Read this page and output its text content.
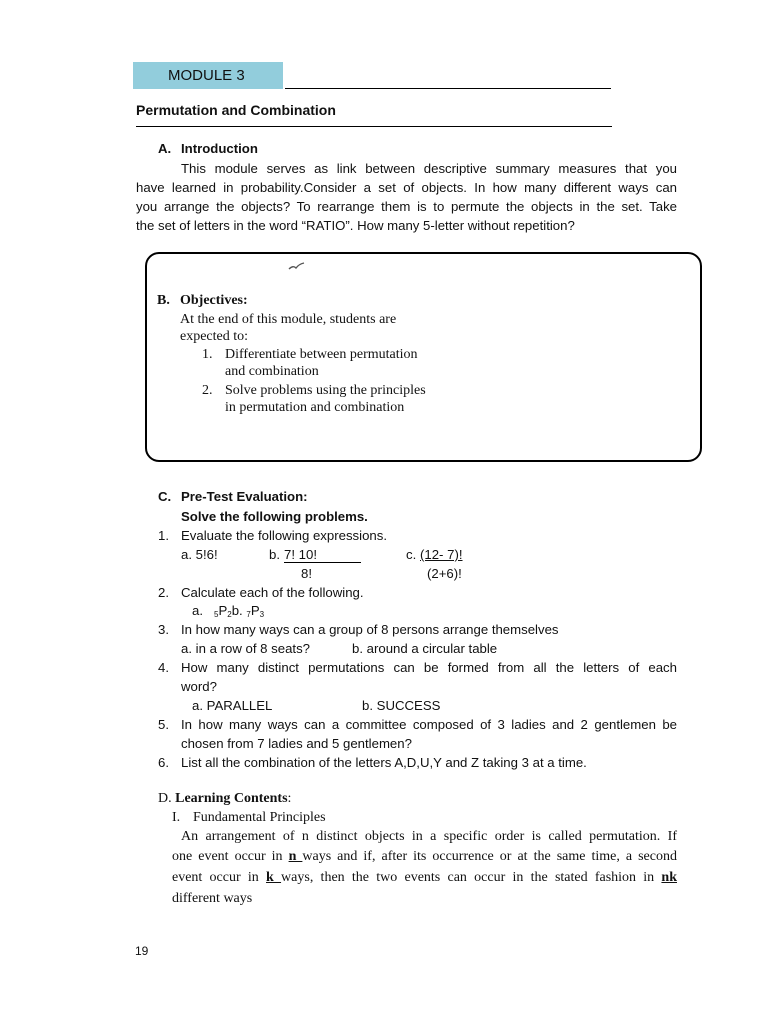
MODULE 3
Permutation and Combination
A. Introduction
This module serves as link between descriptive summary measures that you
have learned in probability.Consider a set of objects. In how many different ways can
you arrange the objects? To rearrange them is to permute the objects in the set. Take
the set of letters in the word “RATIO”. How many 5-letter without repetition?
B. Objectives:
At the end of this module, students are
expected to:
1. Differentiate between permutation
and combination
2. Solve problems using the principles
in permutation and combination
C. Pre-Test Evaluation:
Solve the following problems.
1. Evaluate the following expressions.
a. 5!6!	b. 7! 10!
8!
c. (12- 7)!
(2+6)!
2. Calculate each of the following.
a. $_5P_2b$. $_7P_3$
3. In how many ways can a group of 8 persons arrange themselves
a. in a row of 8 seats?	b. around a circular table
4. How many distinct permutations can be formed from all the letters of each
word?
a. PARALLEL	b. SUCCESS
5. In how many ways can a committee composed of 3 ladies and 2 gentlemen be
chosen from 7 ladies and 5 gentlemen?
6. List all the combination of the letters A,D,U,Y and Z taking 3 at a time.
D. Learning Contents:
I. Fundamental Principles
An arrangement of n distinct objects in a specific order is called permutation. If
one event occur in n ways and if, after its occurrence or at the same time, a second
event occur in k ways, then the two events can occur in the stated fashion in nk
different ways
19
